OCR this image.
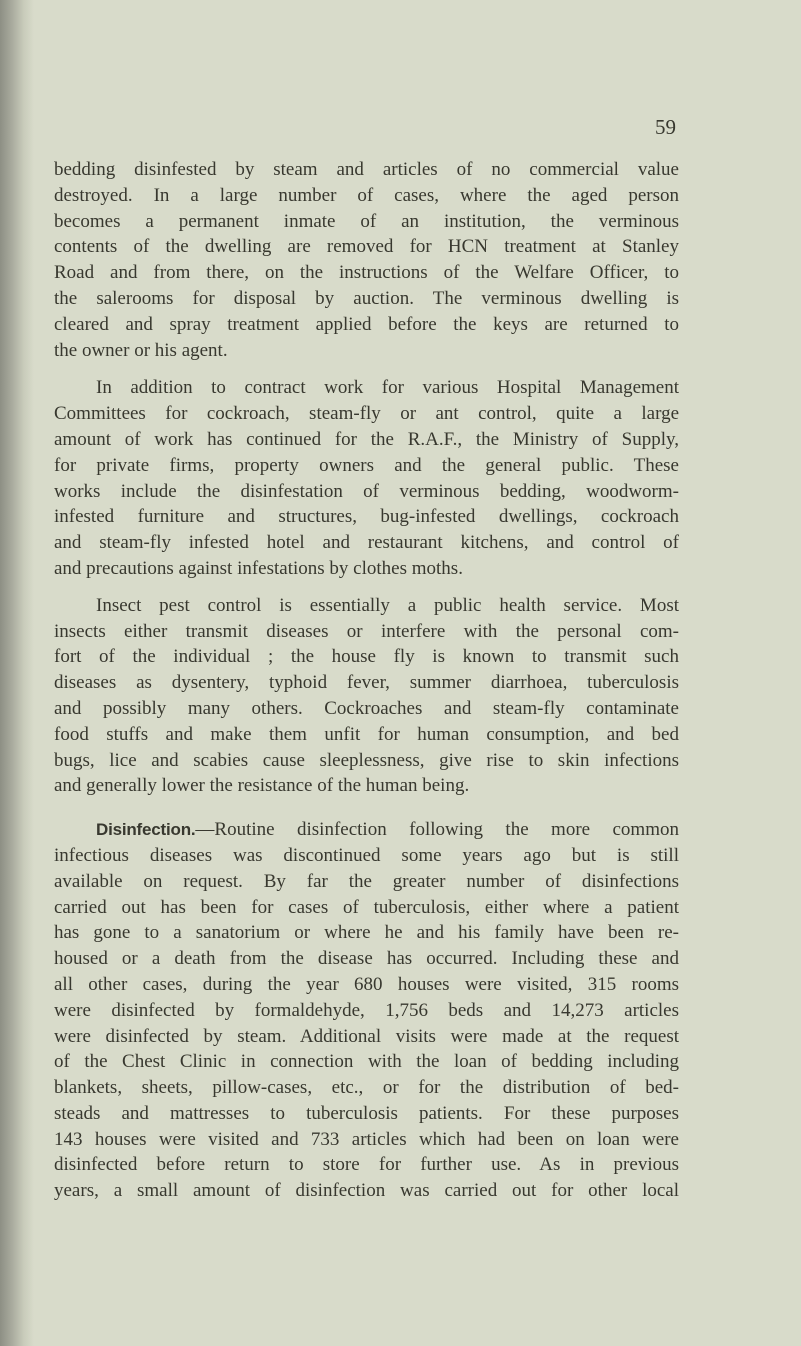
59
bedding disinfested by steam and articles of no commercial value
destroyed. In a large number of cases, where the aged person
becomes a permanent inmate of an institution, the verminous
contents of the dwelling are removed for HCN treatment at Stanley
Road and from there, on the instructions of the Welfare Officer, to
the salerooms for disposal by auction. The verminous dwelling is
cleared and spray treatment applied before the keys are returned to
the owner or his agent.
In addition to contract work for various Hospital Management
Committees for cockroach, steam-fly or ant control, quite a large
amount of work has continued for the R.A.F., the Ministry of Supply,
for private firms, property owners and the general public. These
works include the disinfestation of verminous bedding, woodworm-
infested furniture and structures, bug-infested dwellings, cockroach
and steam-fly infested hotel and restaurant kitchens, and control of
and precautions against infestations by clothes moths.
Insect pest control is essentially a public health service. Most
insects either transmit diseases or interfere with the personal com-
fort of the individual ; the house fly is known to transmit such
diseases as dysentery, typhoid fever, summer diarrhoea, tuberculosis
and possibly many others. Cockroaches and steam-fly contaminate
food stuffs and make them unfit for human consumption, and bed
bugs, lice and scabies cause sleeplessness, give rise to skin infections
and generally lower the resistance of the human being.
Disinfection.—Routine disinfection following the more common
infectious diseases was discontinued some years ago but is still
available on request. By far the greater number of disinfections
carried out has been for cases of tuberculosis, either where a patient
has gone to a sanatorium or where he and his family have been re-
housed or a death from the disease has occurred. Including these and
all other cases, during the year 680 houses were visited, 315 rooms
were disinfected by formaldehyde, 1,756 beds and 14,273 articles
were disinfected by steam. Additional visits were made at the request
of the Chest Clinic in connection with the loan of bedding including
blankets, sheets, pillow-cases, etc., or for the distribution of bed-
steads and mattresses to tuberculosis patients. For these purposes
143 houses were visited and 733 articles which had been on loan were
disinfected before return to store for further use. As in previous
years, a small amount of disinfection was carried out for other local
